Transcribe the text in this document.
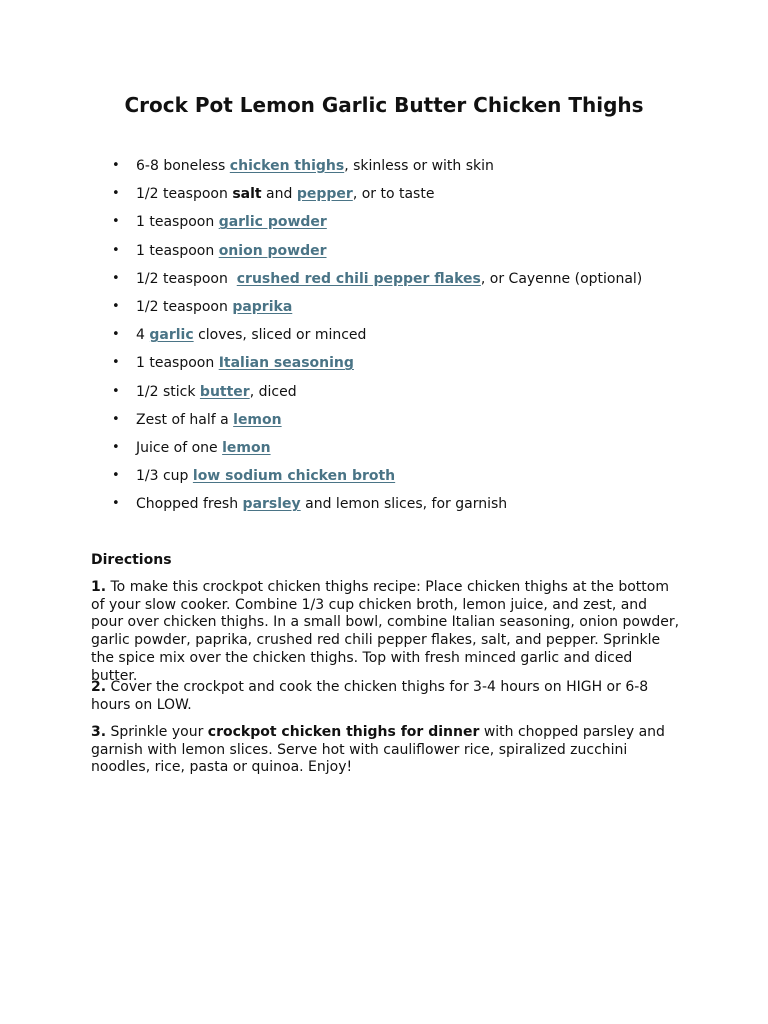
Crock Pot Lemon Garlic Butter Chicken Thighs
• 6-8 boneless chicken thighs, skinless or with skin
• 1/2 teaspoon salt and pepper, or to taste
• 1 teaspoon garlic powder
• 1 teaspoon onion powder
• 1/2 teaspoon  crushed red chili pepper flakes, or Cayenne (optional)
• 1/2 teaspoon paprika
• 4 garlic cloves, sliced or minced
• 1 teaspoon Italian seasoning
• 1/2 stick butter, diced
• Zest of half a lemon
• Juice of one lemon
• 1/3 cup low sodium chicken broth
• Chopped fresh parsley and lemon slices, for garnish

Directions

1. To make this crockpot chicken thighs recipe: Place chicken thighs at the bottom of your slow cooker. Combine 1/3 cup chicken broth, lemon juice, and zest, and pour over chicken thighs. In a small bowl, combine Italian seasoning, onion powder, garlic powder, paprika, crushed red chili pepper flakes, salt, and pepper. Sprinkle the spice mix over the chicken thighs. Top with fresh minced garlic and diced butter.

2. Cover the crockpot and cook the chicken thighs for 3-4 hours on HIGH or 6-8 hours on LOW.

3. Sprinkle your crockpot chicken thighs for dinner with chopped parsley and garnish with lemon slices. Serve hot with cauliflower rice, spiralized zucchini noodles, rice, pasta or quinoa. Enjoy!
